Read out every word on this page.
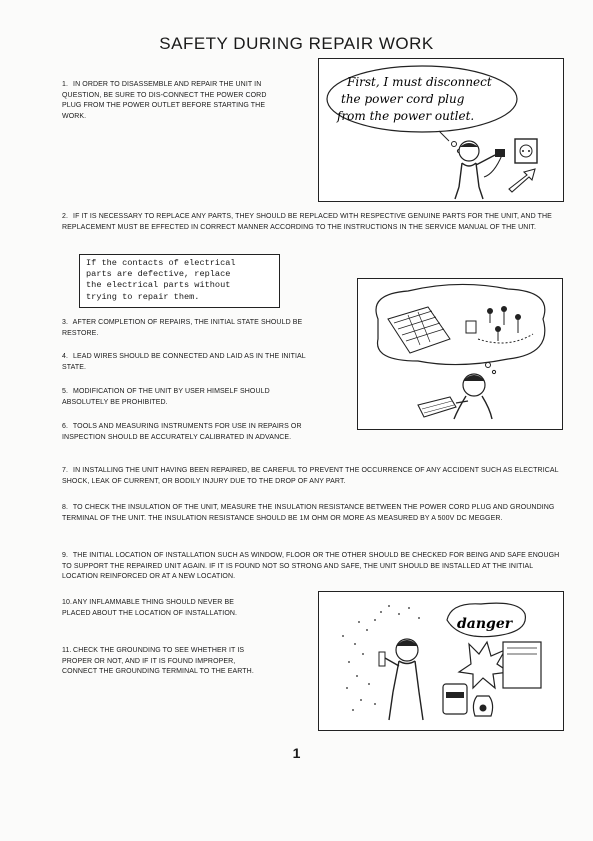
SAFETY DURING REPAIR WORK
1. IN ORDER TO DISASSEMBLE AND REPAIR THE UNIT IN QUESTION, BE SURE TO DIS-CONNECT THE POWER CORD PLUG FROM THE POWER OUTLET BEFORE STARTING THE WORK.
First, I must disconnect
the power cord plug
from the power outlet.
2. IF IT IS NECESSARY TO REPLACE ANY PARTS, THEY SHOULD BE REPLACED WITH RESPECTIVE GENUINE PARTS FOR THE UNIT, AND THE REPLACEMENT MUST BE EFFECTED IN CORRECT MANNER ACCORDING TO THE INSTRUCTIONS IN THE SERVICE MANUAL OF THE UNIT.
If the contacts of electrical
parts are defective, replace
the electrical parts without
trying to repair them.
3. AFTER COMPLETION OF REPAIRS, THE INITIAL STATE SHOULD BE RESTORE.
4. LEAD WIRES SHOULD BE CONNECTED AND LAID AS IN THE INITIAL STATE.
5. MODIFICATION OF THE UNIT BY USER HIMSELF SHOULD ABSOLUTELY BE PROHIBITED.
6. TOOLS AND MEASURING INSTRUMENTS FOR USE IN REPAIRS OR INSPECTION SHOULD BE ACCURATELY CALIBRATED IN ADVANCE.
7. IN INSTALLING THE UNIT HAVING BEEN REPAIRED, BE CAREFUL TO PREVENT THE OCCURRENCE OF ANY ACCIDENT SUCH AS ELECTRICAL SHOCK, LEAK OF CURRENT, OR BODILY INJURY DUE TO THE DROP OF ANY PART.
8. TO CHECK THE INSULATION OF THE UNIT, MEASURE THE INSULATION RESISTANCE BETWEEN THE POWER CORD PLUG AND GROUNDING TERMINAL OF THE UNIT. THE INSULATION RESISTANCE SHOULD BE 1M OHM OR MORE AS MEASURED BY A 500V DC MEGGER.
9. THE INITIAL LOCATION OF INSTALLATION SUCH AS WINDOW, FLOOR OR THE OTHER SHOULD BE CHECKED FOR BEING AND SAFE ENOUGH TO SUPPORT THE REPAIRED UNIT AGAIN. IF IT IS FOUND NOT SO STRONG AND SAFE, THE UNIT SHOULD BE INSTALLED AT THE INITIAL LOCATION REINFORCED OR AT A NEW LOCATION.
10. ANY INFLAMMABLE THING SHOULD NEVER BE PLACED ABOUT THE LOCATION OF INSTALLATION.
11. CHECK THE GROUNDING TO SEE WHETHER IT IS PROPER OR NOT, AND IF IT IS FOUND IMPROPER, CONNECT THE GROUNDING TERMINAL TO THE EARTH.
danger
1
